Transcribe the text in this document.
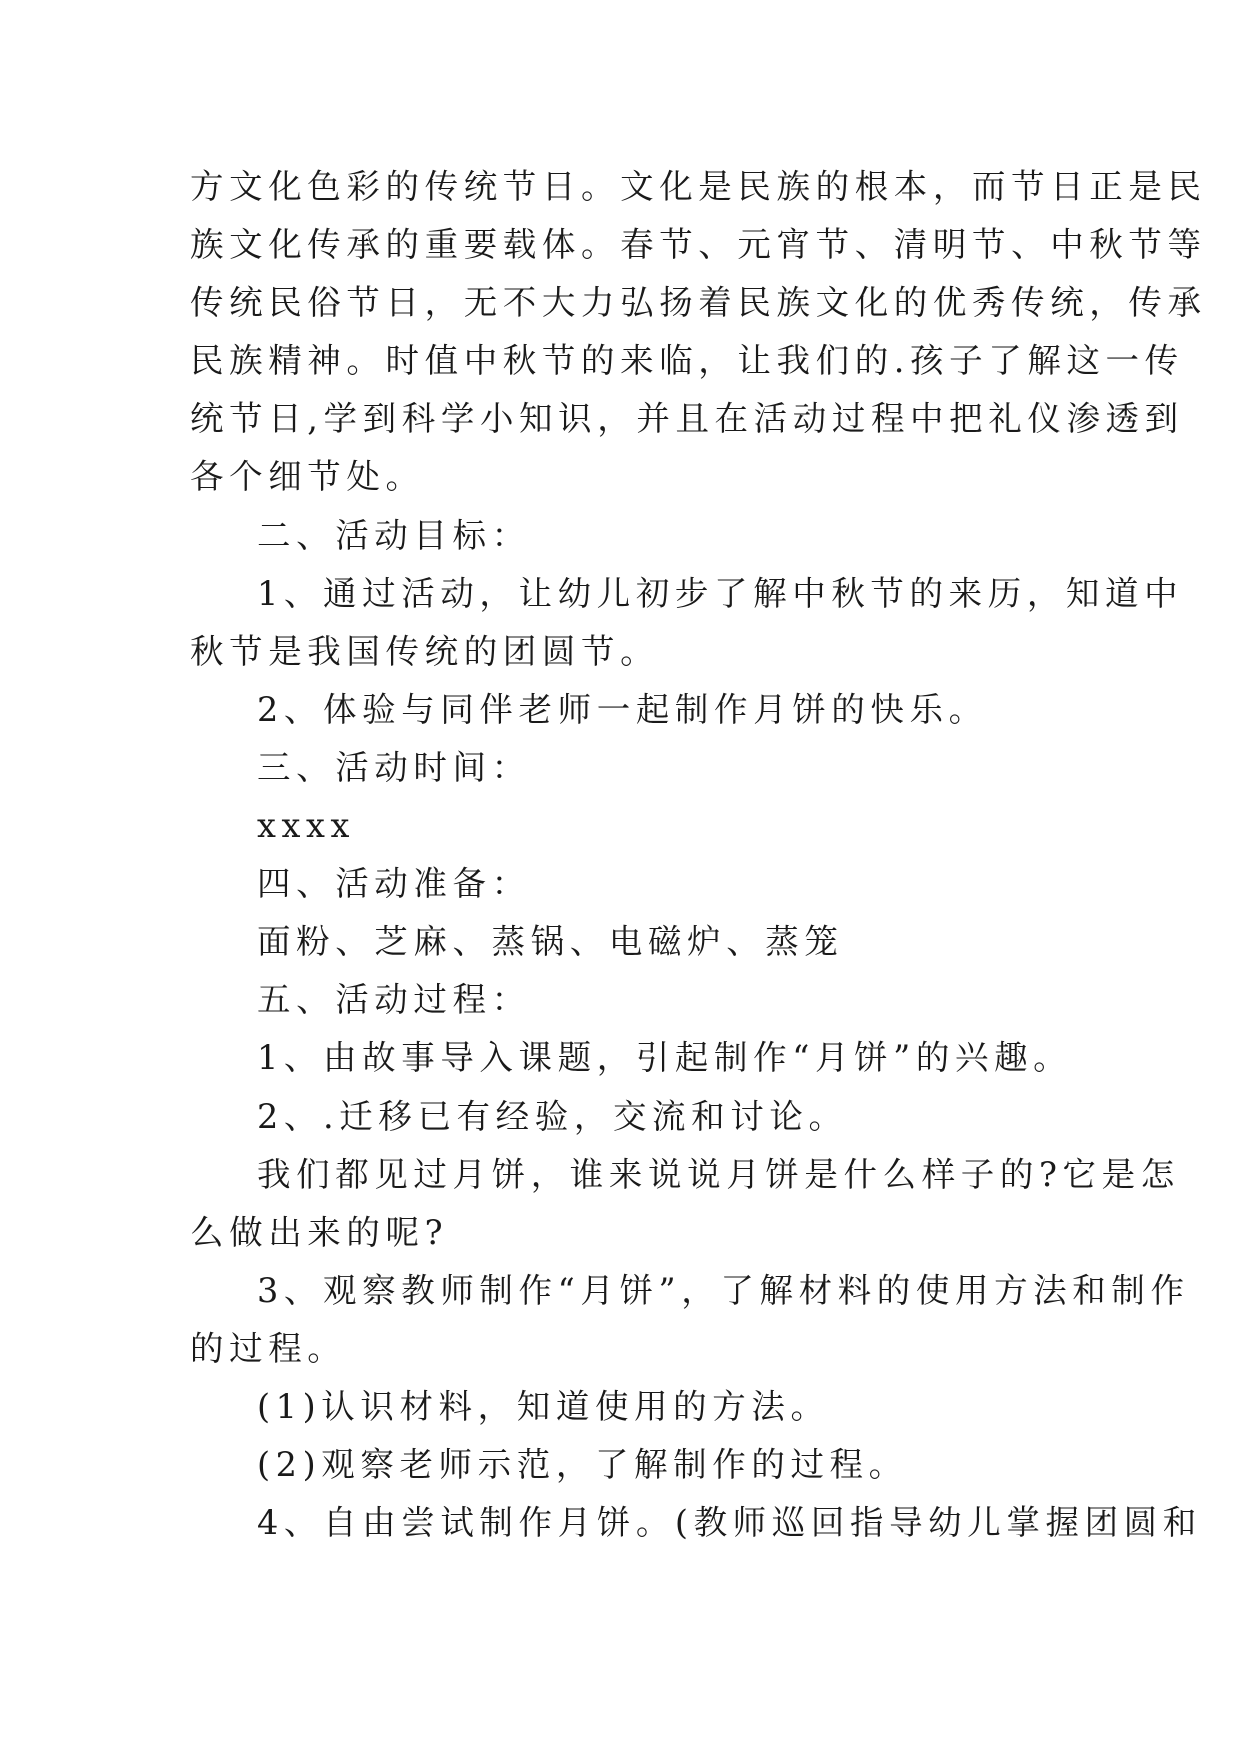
方文化色彩的传统节日。文化是民族的根本，而节日正是民
族文化传承的重要载体。春节、元宵节、清明节、中秋节等
传统民俗节日，无不大力弘扬着民族文化的优秀传统，传承
民族精神。时值中秋节的来临，让我们的.孩子了解这一传
统节日,学到科学小知识，并且在活动过程中把礼仪渗透到
各个细节处。
二、活动目标：
1、通过活动，让幼儿初步了解中秋节的来历，知道中
秋节是我国传统的团圆节。
2、体验与同伴老师一起制作月饼的快乐。
三、活动时间：
xxxx
四、活动准备：
面粉、芝麻、蒸锅、电磁炉、蒸笼
五、活动过程：
1、由故事导入课题，引起制作“月饼”的兴趣。
2、.迁移已有经验，交流和讨论。
我们都见过月饼，谁来说说月饼是什么样子的?它是怎
么做出来的呢?
3、观察教师制作“月饼”，了解材料的使用方法和制作
的过程。
(1)认识材料，知道使用的方法。
(2)观察老师示范，了解制作的过程。
4、自由尝试制作月饼。(教师巡回指导幼儿掌握团圆和
